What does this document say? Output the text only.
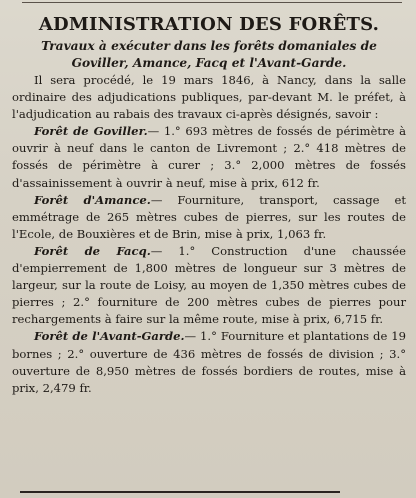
ADMINISTRATION DES FORÊTS.
Travaux à exécuter dans les forêts domaniales de
Goviller, Amance, Facq et l'Avant-Garde.

Il sera procédé, le 19 mars 1846, à Nancy, dans la salle ordinaire des adjudications publiques, par-devant M. le préfet, à l'adjudication au rabais des travaux ci-après désignés, savoir :

Forêt de Goviller.— 1.° 693 mètres de fossés de périmètre à ouvrir à neuf dans le canton de Livremont ; 2.° 418 mètres de fossés de périmètre à curer ; 3.° 2,000 mètres de fossés d'assainissement à ouvrir à neuf, mise à prix, 612 fr.

Forêt d'Amance.— Fourniture, transport, cassage et emmétrage de 265 mètres cubes de pierres, sur les routes de l'Ecole, de Bouxières et de Brin, mise à prix, 1,063 fr.

Forêt de Facq.— 1.° Construction d'une chaussée d'empierrement de 1,800 mètres de longueur sur 3 mètres de largeur, sur la route de Loisy, au moyen de 1,350 mètres cubes de pierres ; 2.° fourniture de 200 mètres cubes de pierres pour rechargements à faire sur la même route, mise à prix, 6,715 fr.

Forêt de l'Avant-Garde.— 1.° Fourniture et plantations de 19 bornes ; 2.° ouverture de 436 mètres de fossés de division ; 3.° ouverture de 8,950 mètres de fossés bordiers de routes, mise à prix, 2,479 fr.
